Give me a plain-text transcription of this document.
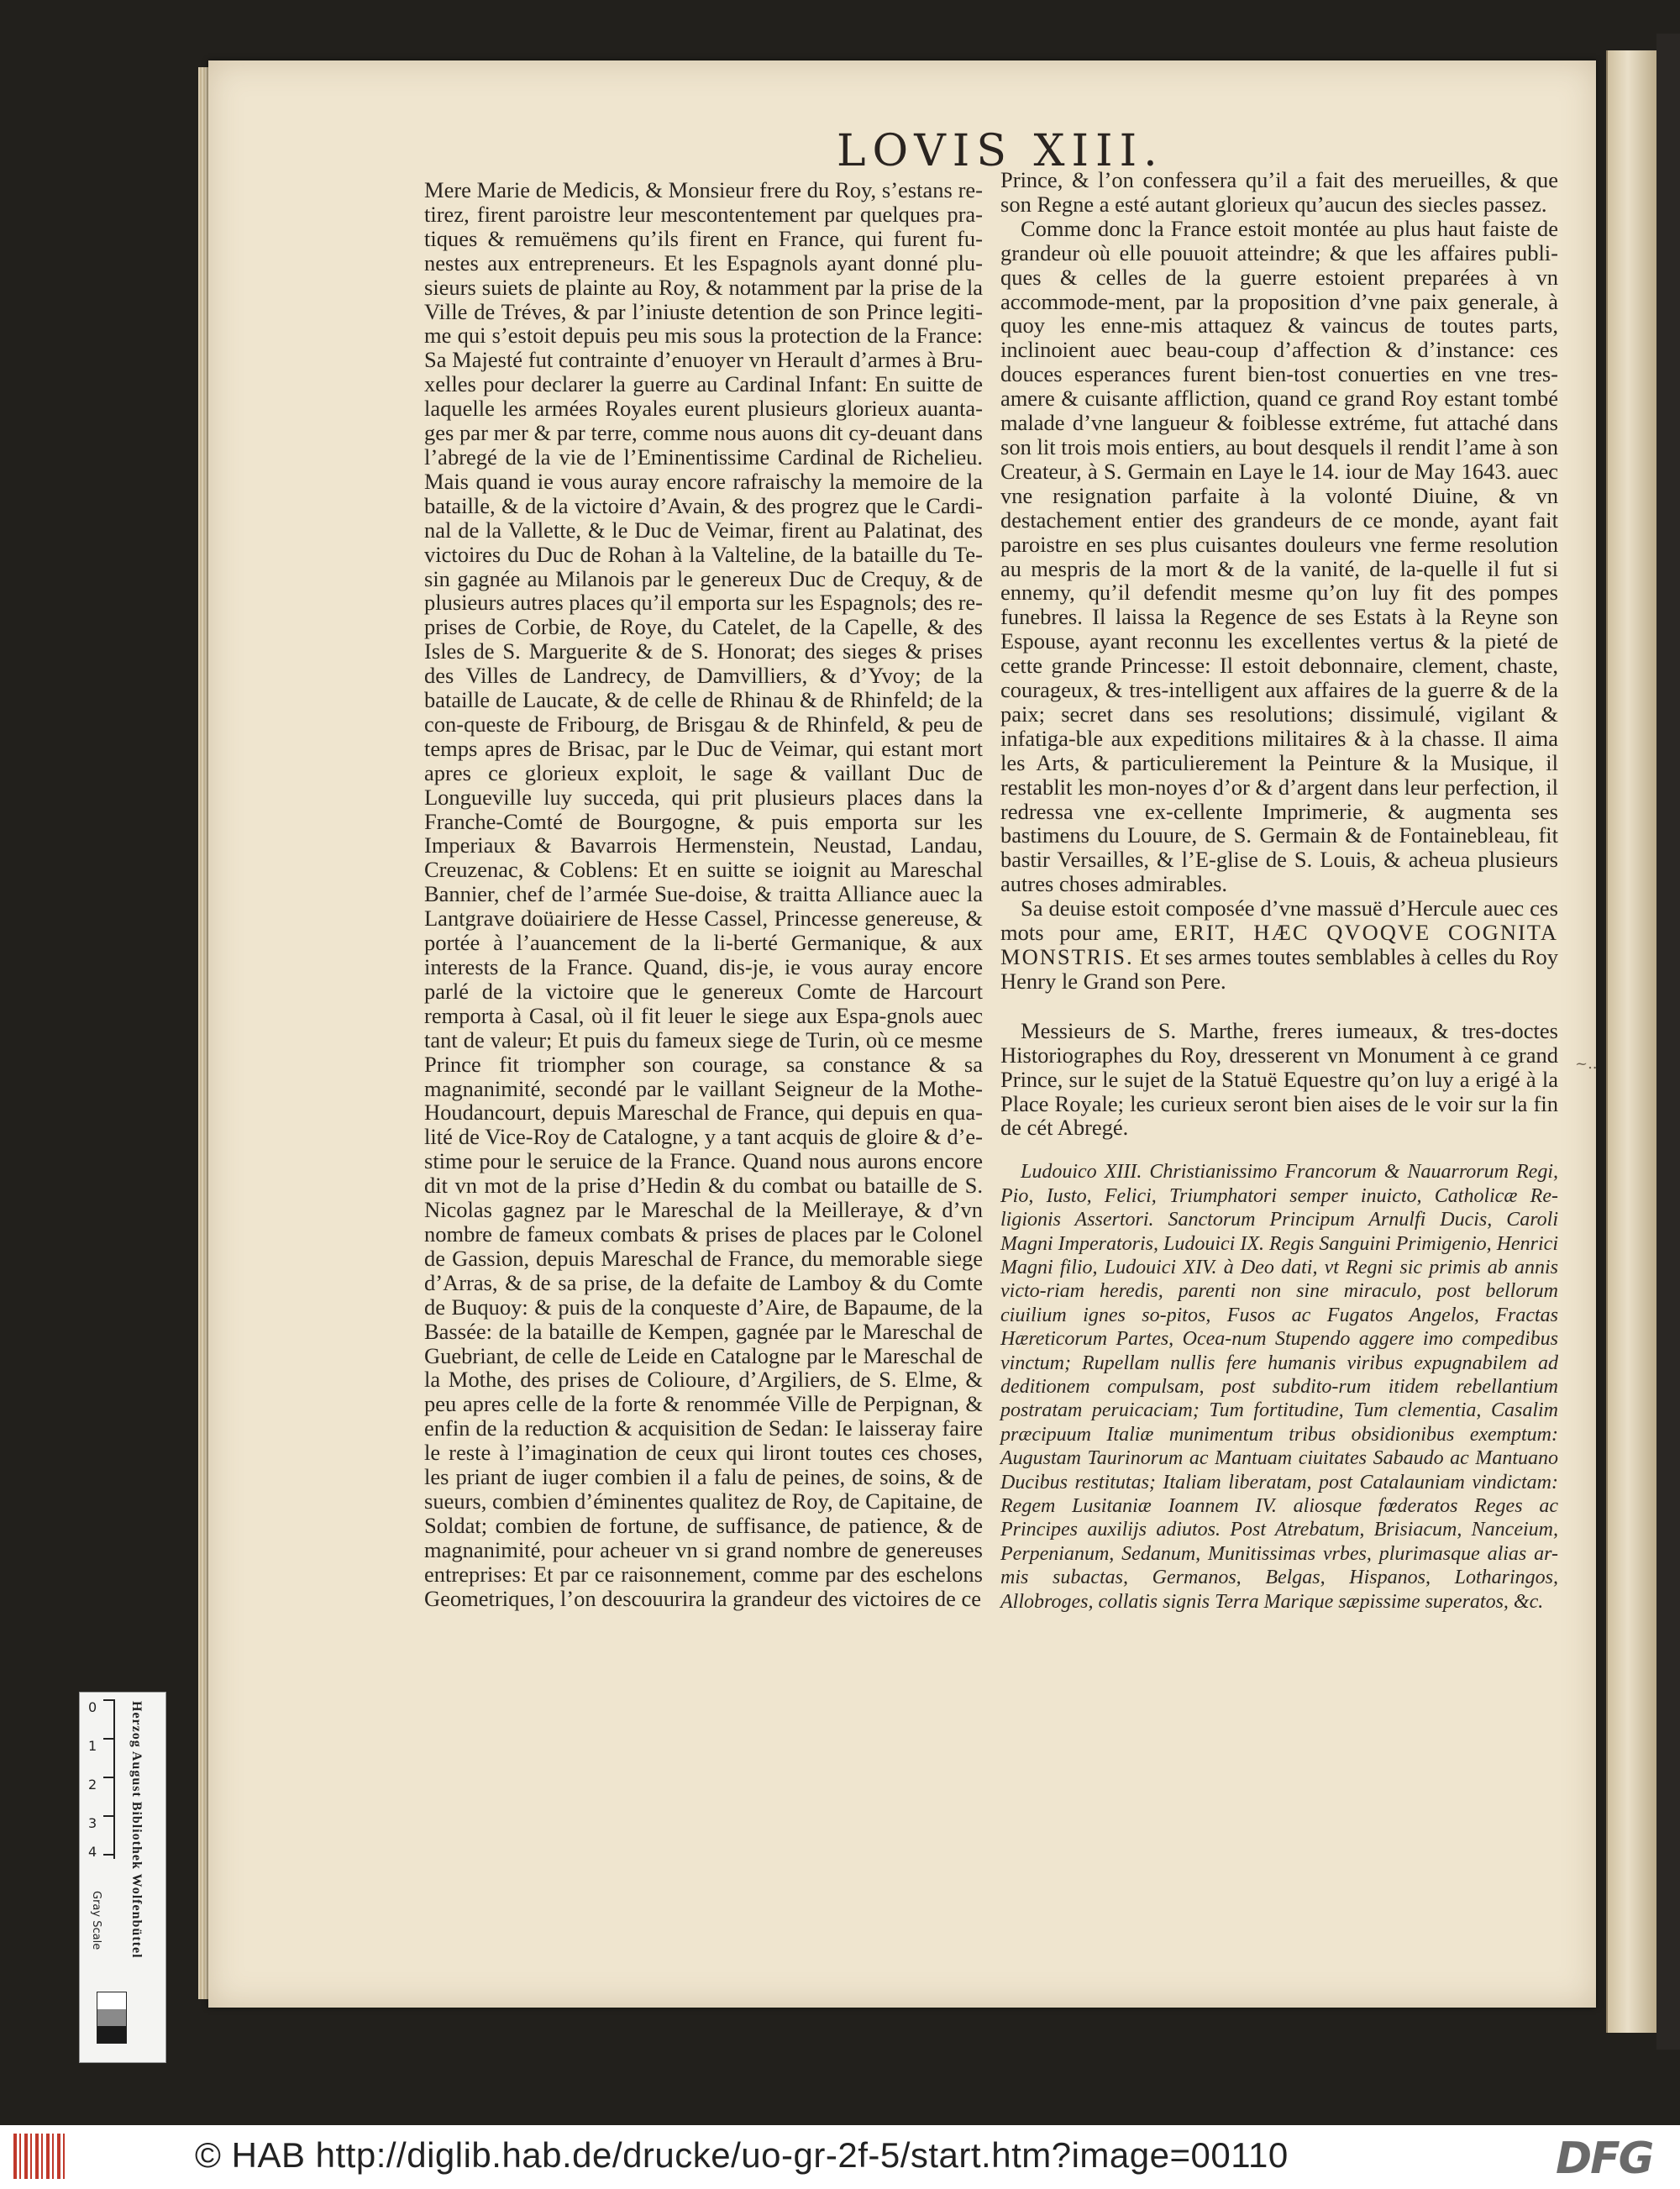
LOVIS XIII.

Mere Marie de Medicis, & Monsieur frere du Roy, s’estans re-tirez, firent paroistre leur mescontentement par quelques pra-tiques & remuëmens qu’ils firent en France, qui furent fu-nestes aux entrepreneurs. Et les Espagnols ayant donné plu-sieurs suiets de plainte au Roy, & notamment par la prise de la Ville de Tréves, & par l’iniuste detention de son Prince legiti-me qui s’estoit depuis peu mis sous la protection de la France: Sa Majesté fut contrainte d’enuoyer vn Herault d’armes à Bru-xelles pour declarer la guerre au Cardinal Infant: En suitte de laquelle les armées Royales eurent plusieurs glorieux auanta-ges par mer & par terre, comme nous auons dit cy-deuant dans l’abregé de la vie de l’Eminentissime Cardinal de Richelieu. Mais quand ie vous auray encore rafraischy la memoire de la bataille, & de la victoire d’Avain, & des progrez que le Cardi-nal de la Vallette, & le Duc de Veimar, firent au Palatinat, des victoires du Duc de Rohan à la Valteline, de la bataille du Te-sin gagnée au Milanois par le genereux Duc de Crequy, & de plusieurs autres places qu’il emporta sur les Espagnols; des re-prises de Corbie, de Roye, du Catelet, de la Capelle, & des Isles de S. Marguerite & de S. Honorat; des sieges & prises des Villes de Landrecy, de Damvilliers, & d’Yvoy; de la bataille de Laucate, & de celle de Rhinau & de Rhinfeld; de la con-queste de Fribourg, de Brisgau & de Rhinfeld, & peu de temps apres de Brisac, par le Duc de Veimar, qui estant mort apres ce glorieux exploit, le sage & vaillant Duc de Longueville luy succeda, qui prit plusieurs places dans la Franche-Comté de Bourgogne, & puis emporta sur les Imperiaux & Bavarrois Hermenstein, Neustad, Landau, Creuzenac, & Coblens: Et en suitte se ioignit au Mareschal Bannier, chef de l’armée Sue-doise, & traitta Alliance auec la Lantgrave doüairiere de Hesse Cassel, Princesse genereuse, & portée à l’auancement de la li-berté Germanique, & aux interests de la France. Quand, dis-je, ie vous auray encore parlé de la victoire que le genereux Comte de Harcourt remporta à Casal, où il fit leuer le siege aux Espa-gnols auec tant de valeur; Et puis du fameux siege de Turin, où ce mesme Prince fit triompher son courage, sa constance & sa magnanimité, secondé par le vaillant Seigneur de la Mothe-Houdancourt, depuis Mareschal de France, qui depuis en qua-lité de Vice-Roy de Catalogne, y a tant acquis de gloire & d’e-stime pour le seruice de la France. Quand nous aurons encore dit vn mot de la prise d’Hedin & du combat ou bataille de S. Nicolas gagnez par le Mareschal de la Meilleraye, & d’vn nombre de fameux combats & prises de places par le Colonel de Gassion, depuis Mareschal de France, du memorable siege d’Arras, & de sa prise, de la defaite de Lamboy & du Comte de Buquoy: & puis de la conqueste d’Aire, de Bapaume, de la Bassée: de la bataille de Kempen, gagnée par le Mareschal de Guebriant, de celle de Leide en Catalogne par le Mareschal de la Mothe, des prises de Colioure, d’Argiliers, de S. Elme, & peu apres celle de la forte & renommée Ville de Perpignan, & enfin de la reduction & acquisition de Sedan: Ie laisseray faire le reste à l’imagination de ceux qui liront toutes ces choses, les priant de iuger combien il a falu de peines, de soins, & de sueurs, combien d’éminentes qualitez de Roy, de Capitaine, de Soldat; combien de fortune, de suffisance, de patience, & de magnanimité, pour acheuer vn si grand nombre de genereuses entreprises: Et par ce raisonnement, comme par des eschelons Geometriques, l’on descouurira la grandeur des victoires de ce

Prince, & l’on confessera qu’il a fait des merueilles, & que son Regne a esté autant glorieux qu’aucun des siecles passez.

Comme donc la France estoit montée au plus haut faiste de grandeur où elle pouuoit atteindre; & que les affaires publi-ques & celles de la guerre estoient preparées à vn accommode-ment, par la proposition d’vne paix generale, à quoy les enne-mis attaquez & vaincus de toutes parts, inclinoient auec beau-coup d’affection & d’instance: ces douces esperances furent bien-tost conuerties en vne tres-amere & cuisante affliction, quand ce grand Roy estant tombé malade d’vne langueur & foiblesse extréme, fut attaché dans son lit trois mois entiers, au bout desquels il rendit l’ame à son Createur, à S. Germain en Laye le 14. iour de May 1643. auec vne resignation parfaite à la volonté Diuine, & vn destachement entier des grandeurs de ce monde, ayant fait paroistre en ses plus cuisantes douleurs vne ferme resolution au mespris de la mort & de la vanité, de la-quelle il fut si ennemy, qu’il defendit mesme qu’on luy fit des pompes funebres. Il laissa la Regence de ses Estats à la Reyne son Espouse, ayant reconnu les excellentes vertus & la pieté de cette grande Princesse: Il estoit debonnaire, clement, chaste, courageux, & tres-intelligent aux affaires de la guerre & de la paix; secret dans ses resolutions; dissimulé, vigilant & infatiga-ble aux expeditions militaires & à la chasse. Il aima les Arts, & particulierement la Peinture & la Musique, il restablit les mon-noyes d’or & d’argent dans leur perfection, il redressa vne ex-cellente Imprimerie, & augmenta ses bastimens du Louure, de S. Germain & de Fontainebleau, fit bastir Versailles, & l’E-glise de S. Louis, & acheua plusieurs autres choses admirables.

Sa deuise estoit composée d’vne massuë d’Hercule auec ces mots pour ame, ERIT, HÆC QVOQVE COGNITA MONSTRIS. Et ses armes toutes semblables à celles du Roy Henry le Grand son Pere.

Messieurs de S. Marthe, freres iumeaux, & tres-doctes Historiographes du Roy, dresserent vn Monument à ce grand Prince, sur le sujet de la Statuë Equestre qu’on luy a erigé à la Place Royale; les curieux seront bien aises de le voir sur la fin de cét Abregé.

Ludouico XIII. Christianissimo Francorum & Nauarrorum Regi, Pio, Iusto, Felici, Triumphatori semper inuicto, Catholicæ Re-ligionis Assertori. Sanctorum Principum Arnulfi Ducis, Caroli Magni Imperatoris, Ludouici IX. Regis Sanguini Primigenio, Henrici Magni filio, Ludouici XIV. à Deo dati, vt Regni sic primis ab annis victo-riam heredis, parenti non sine miraculo, post bellorum ciuilium ignes so-pitos, Fusos ac Fugatos Angelos, Fractas Hæreticorum Partes, Ocea-num Stupendo aggere imo compedibus vinctum; Rupellam nullis fere humanis viribus expugnabilem ad deditionem compulsam, post subdito-rum itidem rebellantium postratam peruicaciam; Tum fortitudine, Tum clementia, Casalim præcipuum Italiæ munimentum tribus obsidionibus exemptum: Augustam Taurinorum ac Mantuam ciuitates Sabaudo ac Mantuano Ducibus restitutas; Italiam liberatam, post Catalauniam vindictam: Regem Lusitaniæ Ioannem IV. aliosque fœderatos Reges ac Principes auxilijs adiutos. Post Atrebatum, Brisiacum, Nanceium, Perpenianum, Sedanum, Munitissimas vrbes, plurimasque alias ar-mis subactas, Germanos, Belgas, Hispanos, Lotharingos, Allobroges, collatis signis Terra Marique sæpissime superatos, &c.

~..
0
1
2
3
4 Herzog August Bibliothek Wolfenbüttel
Gray Scale
© HAB http://diglib.hab.de/drucke/uo-gr-2f-5/start.htm?image=00110	DFG
